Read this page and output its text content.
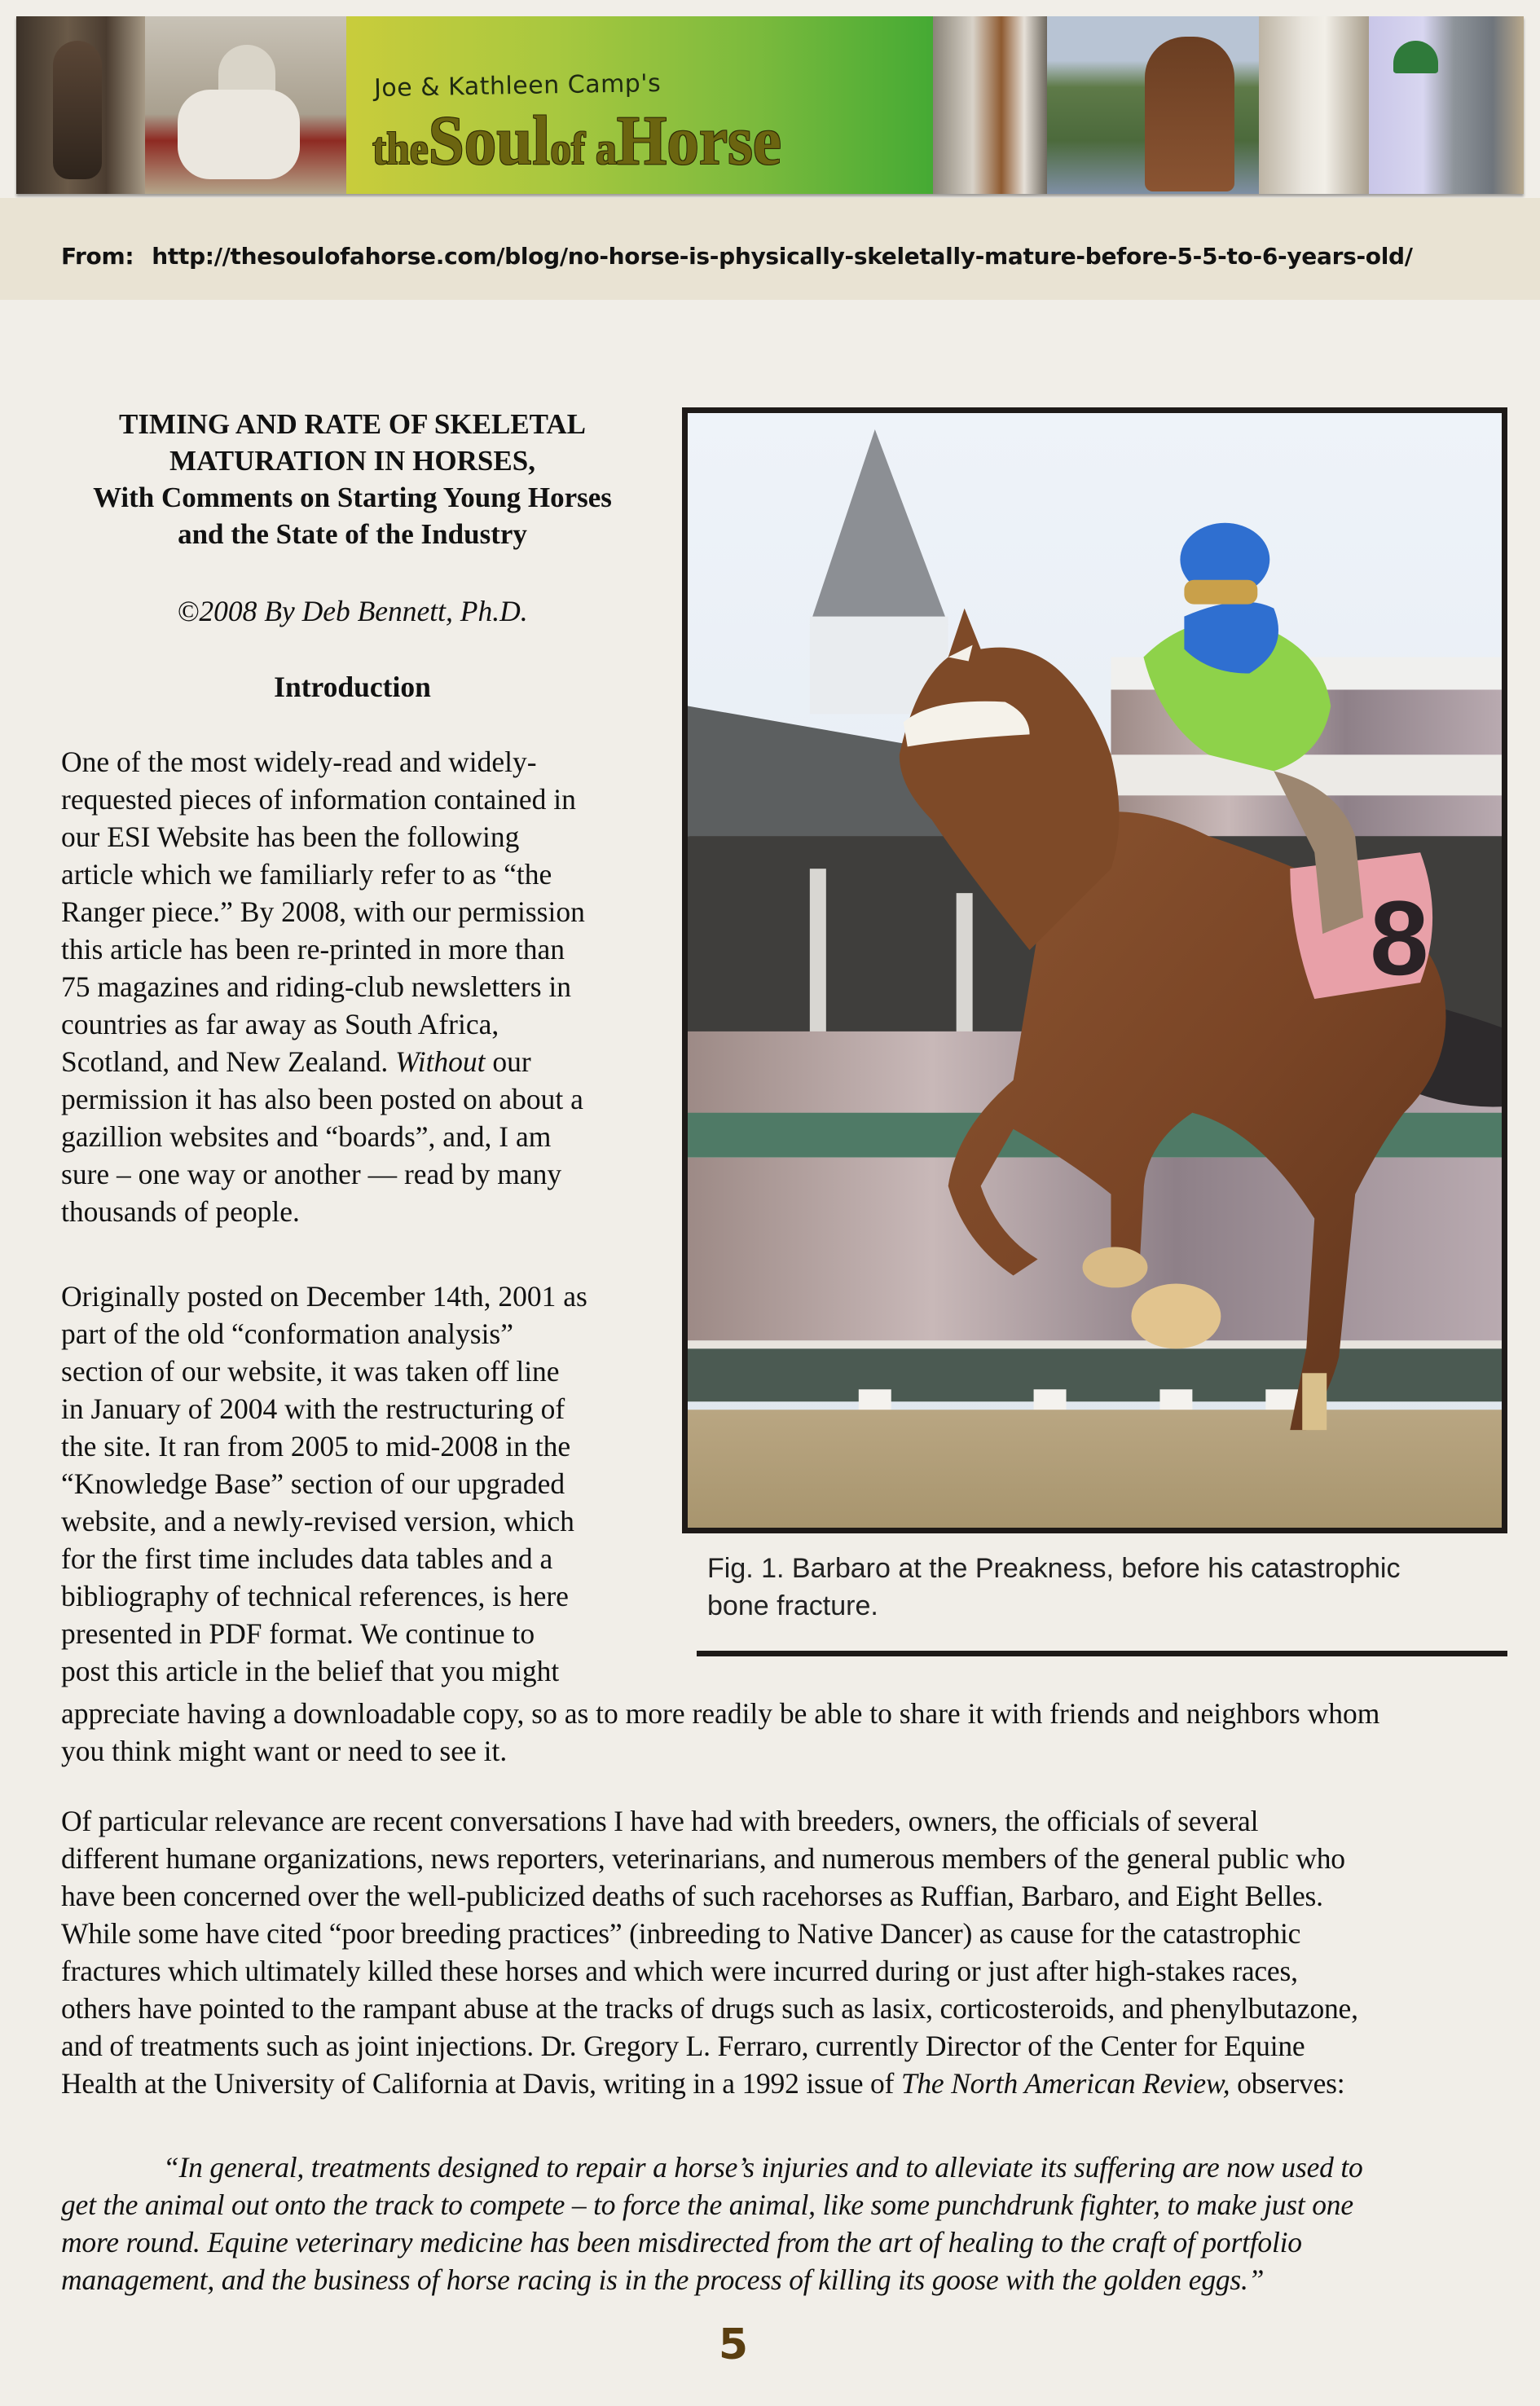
Joe & Kathleen Camp's
theSoulof aHorse
From: http://thesoulofahorse.com/blog/no-horse-is-physically-skeletally-mature-before-5-5-to-6-years-old/
TIMING AND RATE OF SKELETAL
MATURATION IN HORSES,
With Comments on Starting Young Horses
and the State of the Industry
©2008 By Deb Bennett, Ph.D.
Introduction
One of the most widely-read and widely-
requested pieces of information contained in
our ESI Website has been the following
article which we familiarly refer to as “the
Ranger piece.” By 2008, with our permission
this article has been re-printed in more than
75 magazines and riding-club newsletters in
countries as far away as South Africa,
Scotland, and New Zealand. Without our
permission it has also been posted on about a
gazillion websites and “boards”, and, I am
sure – one way or another — read by many
thousands of people.
Originally posted on December 14th, 2001 as
part of the old “conformation analysis”
section of our website, it was taken off line
in January of 2004 with the restructuring of
the site. It ran from 2005 to mid-2008 in the
“Knowledge Base” section of our upgraded
website, and a newly-revised version, which
for the first time includes data tables and a
bibliography of technical references, is here
presented in PDF format. We continue to
post this article in the belief that you might
appreciate having a downloadable copy, so as to more readily be able to share it with friends and neighbors whom
you think might want or need to see it.
Of particular relevance are recent conversations I have had with breeders, owners, the officials of several
different humane organizations, news reporters, veterinarians, and numerous members of the general public who
have been concerned over the well-publicized deaths of such racehorses as Ruffian, Barbaro, and Eight Belles.
While some have cited “poor breeding practices” (inbreeding to Native Dancer) as cause for the catastrophic
fractures which ultimately killed these horses and which were incurred during or just after high-stakes races,
others have pointed to the rampant abuse at the tracks of drugs such as lasix, corticosteroids, and phenylbutazone,
and of treatments such as joint injections. Dr. Gregory L. Ferraro, currently Director of the Center for Equine
Health at the University of California at Davis, writing in a 1992 issue of The North American Review, observes:
“In general, treatments designed to repair a horse’s injuries and to alleviate its suffering are now used to
get the animal out onto the track to compete – to force the animal, like some punchdrunk fighter, to make just one
more round. Equine veterinary medicine has been misdirected from the art of healing to the craft of portfolio
management, and the business of horse racing is in the process of killing its goose with the golden eggs.”
8
Fig. 1. Barbaro at the Preakness, before his catastrophic
bone fracture.
5
